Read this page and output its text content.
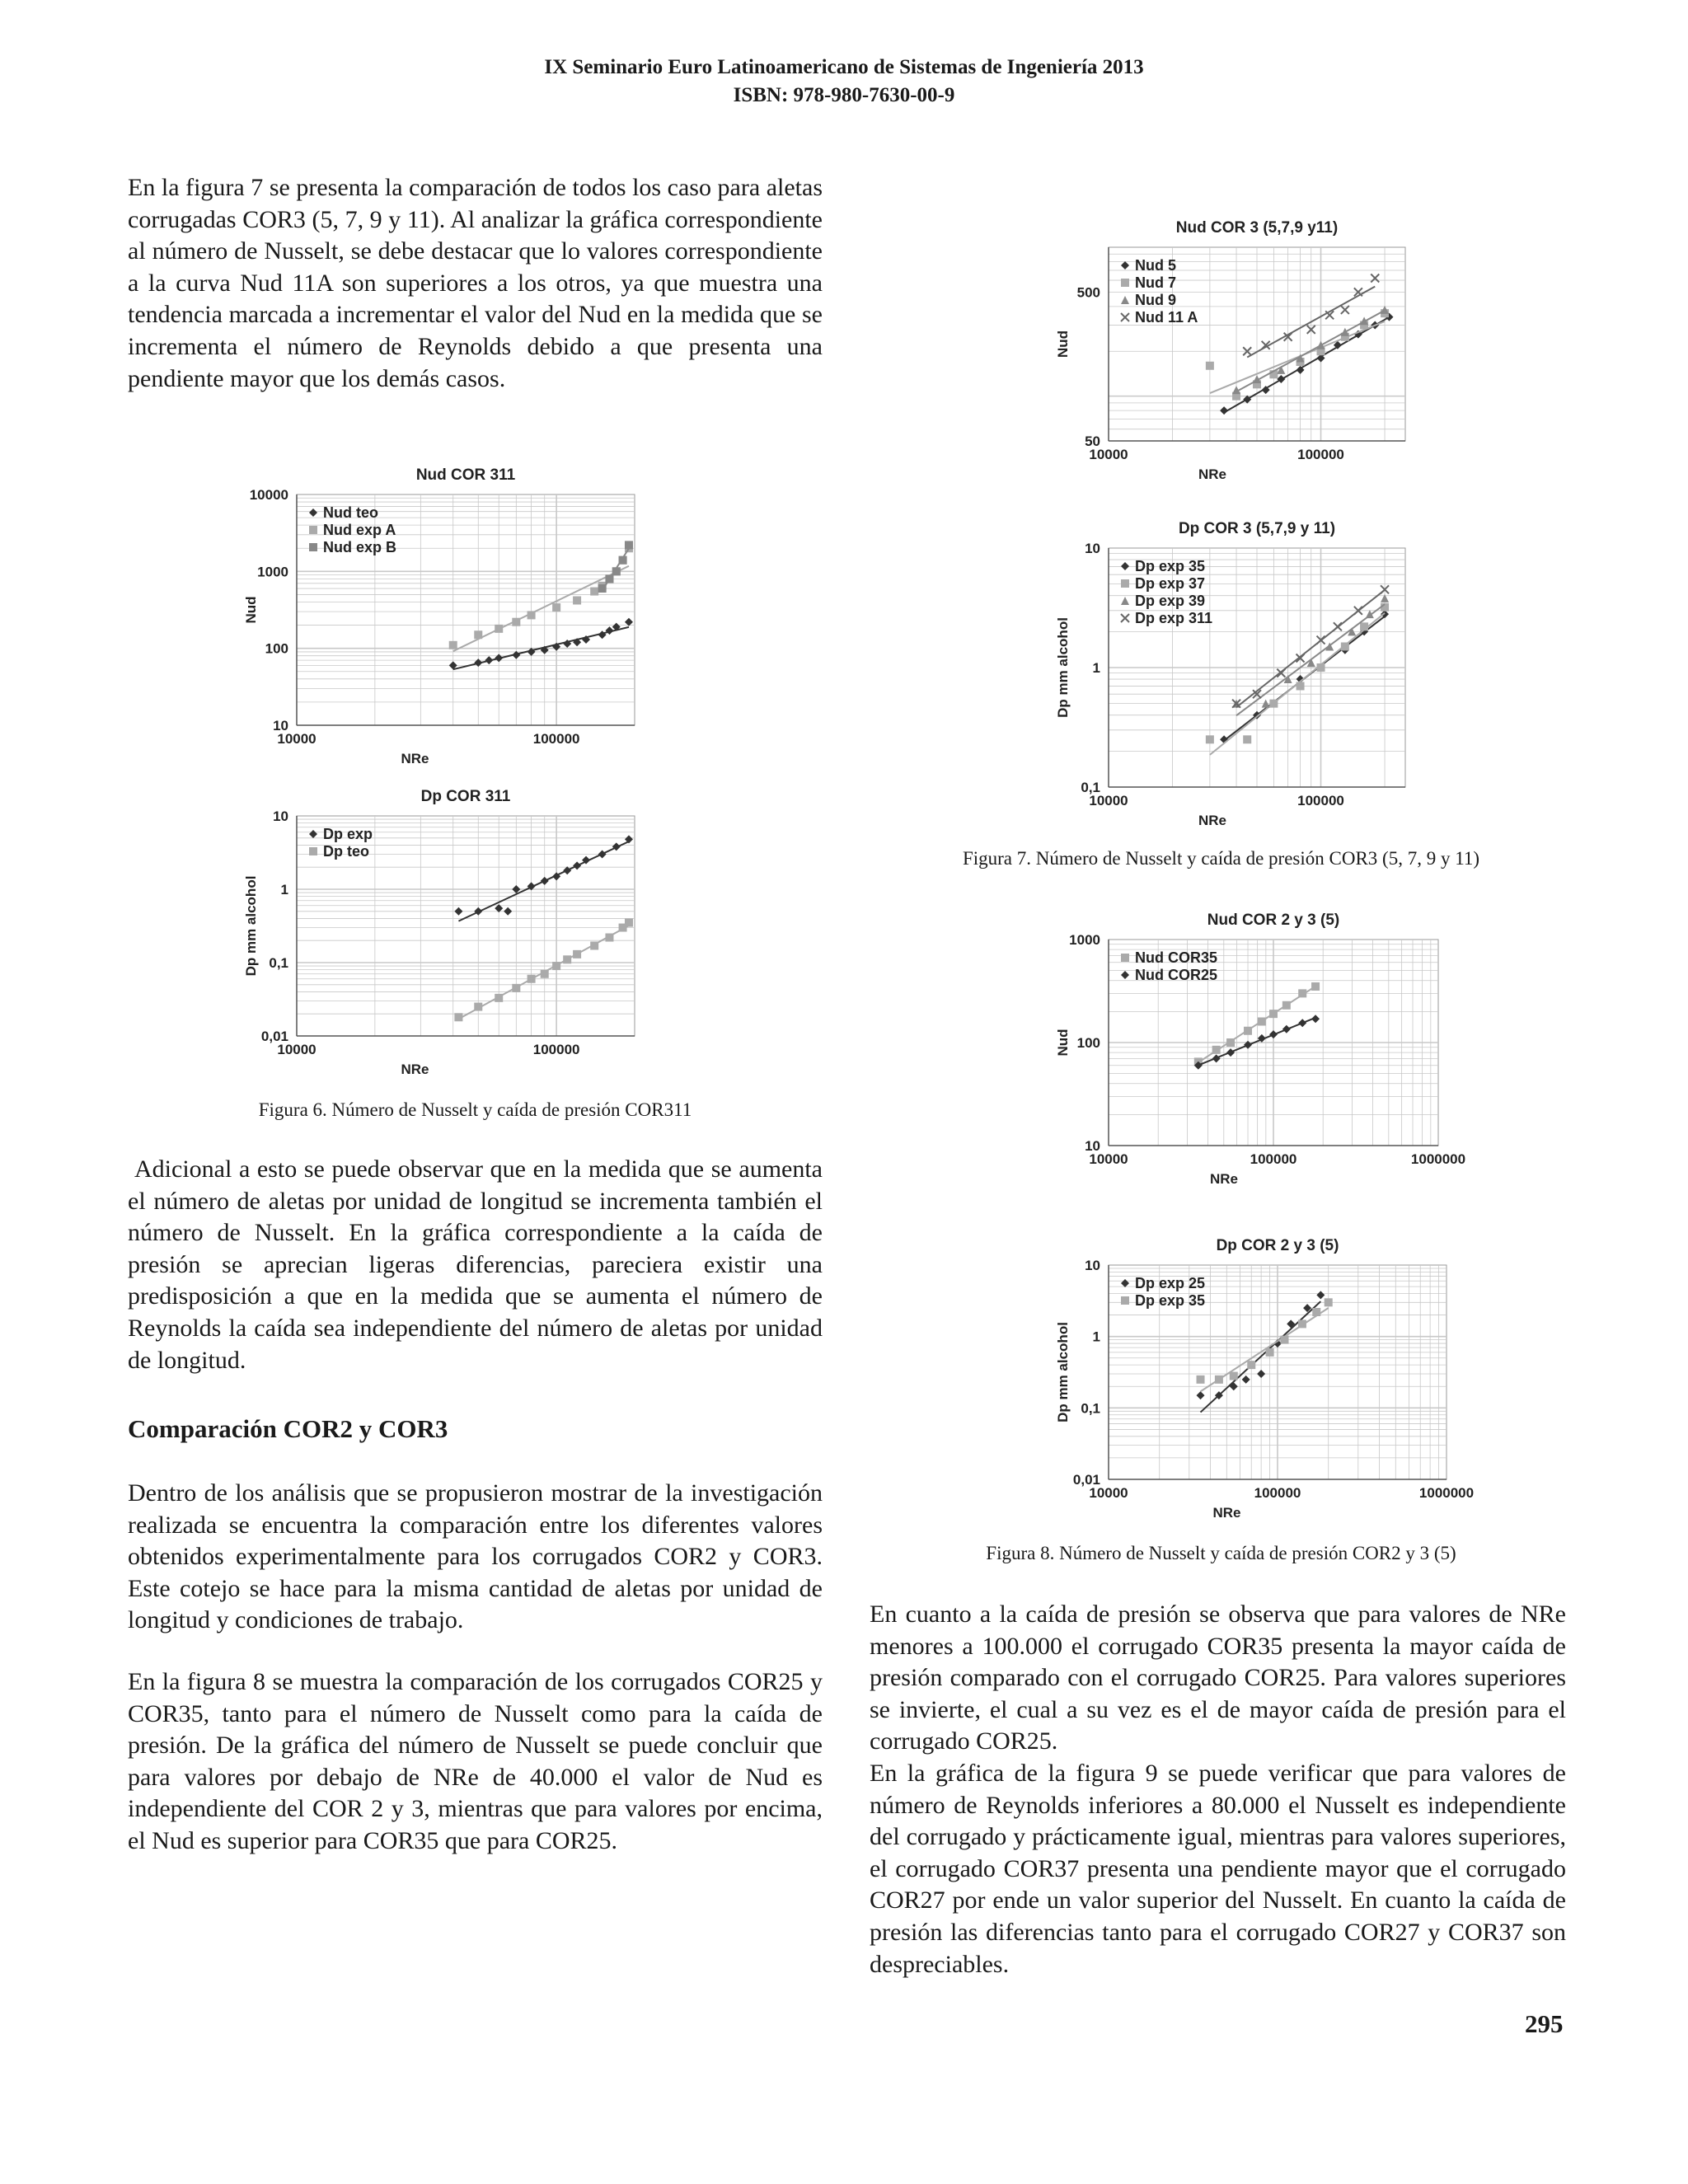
IX Seminario Euro Latinoamericano de Sistemas de Ingeniería 2013
ISBN: 978-980-7630-00-9

En la figura 7 se presenta la comparación de todos los caso para aletas corrugadas COR3 (5, 7, 9 y 11). Al analizar la gráfica correspondiente al número de Nusselt, se debe destacar que lo valores correspondiente a la curva Nud 11A son superiores a los otros, ya que muestra una tendencia marcada a incrementar el valor del Nud en la medida que se incrementa el número de Reynolds debido a que presenta una pendiente mayor que los demás casos.

Nud COR 311
10
100
1000
10000
10000	100000
NRe
Nud
Nud teo
Nud exp A
Nud exp B
Dp COR 311
0,01
0,1
1
10
10000	100000
NRe
Dp mm alcohol
Dp exp
Dp teo
Figura 6. Número de Nusselt y caída de presión COR311

Adicional a esto se puede observar que en la medida que se aumenta el número de aletas por unidad de longitud se incrementa también el número de Nusselt. En la gráfica correspondiente a la caída de presión se aprecian ligeras diferencias, pareciera existir una predisposición a que en la medida que se aumenta el número de Reynolds la caída sea independiente del número de aletas por unidad de longitud.

Comparación COR2 y COR3

Dentro de los análisis que se propusieron mostrar de la investigación realizada se encuentra la comparación entre los diferentes valores obtenidos experimentalmente para los corrugados COR2 y COR3. Este cotejo se hace para la misma cantidad de aletas por unidad de longitud y condiciones de trabajo.

En la figura 8 se muestra la comparación de los corrugados COR25 y COR35, tanto para el número de Nusselt como para la caída de presión. De la gráfica del número de Nusselt se puede concluir que para valores por debajo de NRe de 40.000 el valor de Nud es independiente del COR 2 y 3, mientras que para valores por encima, el Nud es superior para COR35 que para COR25.

Nud COR 3 (5,7,9 y11)
50
500
10000	100000
NRe
Nud
Nud 5
Nud 7
Nud 9
Nud 11 A
Dp COR 3 (5,7,9 y 11)
0,1
1
10
10000	100000
NRe
Dp mm alcohol
Dp exp 35
Dp exp 37
Dp exp 39
Dp exp 311
Figura 7. Número de Nusselt y caída de presión COR3 (5, 7, 9 y 11)
Nud COR 2 y 3 (5)
10
100
1000
10000	100000	1000000
NRe
Nud
Nud COR35
Nud COR25
Dp COR 2 y 3 (5)
0,01
0,1
1
10
10000	100000	1000000
NRe
Dp mm alcohol
Dp exp 25
Dp exp 35
Figura 8. Número de Nusselt y caída de presión COR2 y 3 (5)

En cuanto a la caída de presión se observa que para valores de NRe menores a 100.000 el corrugado COR35 presenta la mayor caída de presión comparado con el corrugado COR25. Para valores superiores se invierte, el cual a su vez es el de mayor caída de presión para el corrugado COR25.

En la gráfica de la figura 9 se puede verificar que para valores de número de Reynolds inferiores a 80.000 el Nusselt es independiente del corrugado y prácticamente igual, mientras para valores superiores, el corrugado COR37 presenta una pendiente mayor que el corrugado COR27 por ende un valor superior del Nusselt. En cuanto la caída de presión las diferencias tanto para el corrugado COR27 y COR37 son despreciables.

295
